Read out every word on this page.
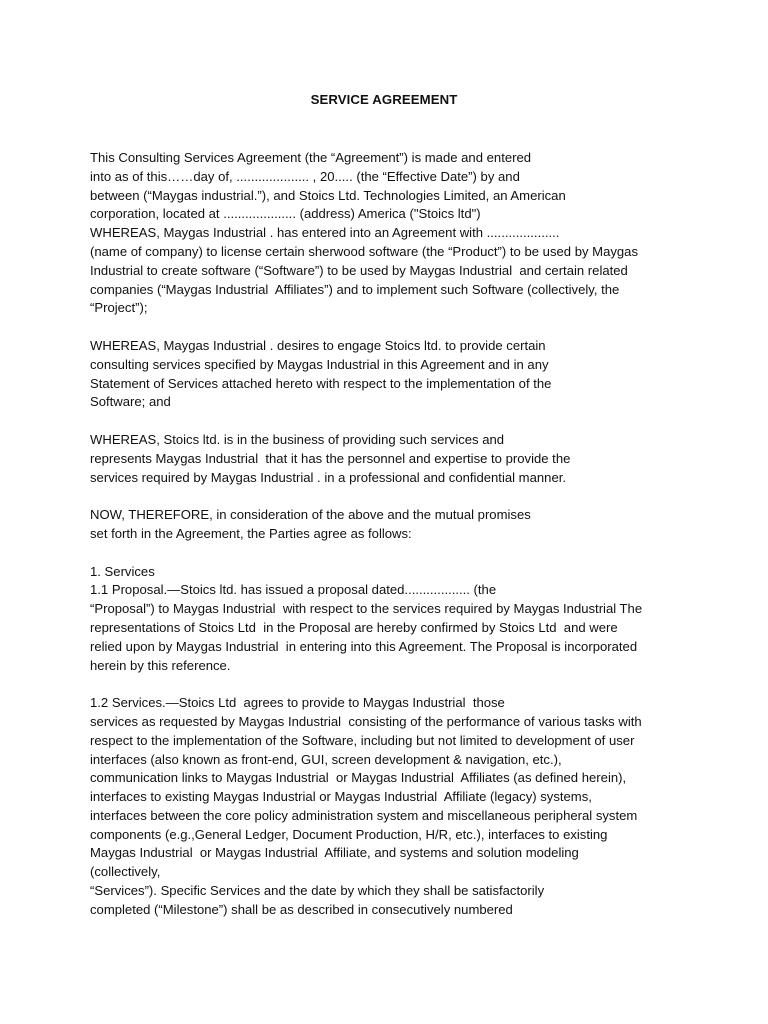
SERVICE AGREEMENT
This Consulting Services Agreement (the “Agreement”) is made and entered
into as of this……day of, .................... , 20..... (the “Effective Date”) by and
between (“Maygas industrial.”), and Stoics Ltd. Technologies Limited, an American
corporation, located at .................... (address) America ("Stoics ltd")
WHEREAS, Maygas Industrial . has entered into an Agreement with ....................
(name of company) to license certain sherwood software (the “Product”) to be used by Maygas
Industrial to create software (“Software”) to be used by Maygas Industrial  and certain related
companies (“Maygas Industrial  Affiliates”) and to implement such Software (collectively, the
“Project”);
WHEREAS, Maygas Industrial . desires to engage Stoics ltd. to provide certain
consulting services specified by Maygas Industrial in this Agreement and in any
Statement of Services attached hereto with respect to the implementation of the
Software; and
WHEREAS, Stoics ltd. is in the business of providing such services and
represents Maygas Industrial  that it has the personnel and expertise to provide the
services required by Maygas Industrial . in a professional and confidential manner.
NOW, THEREFORE, in consideration of the above and the mutual promises
set forth in the Agreement, the Parties agree as follows:
1. Services
1.1 Proposal.—Stoics ltd. has issued a proposal dated.................. (the
“Proposal”) to Maygas Industrial  with respect to the services required by Maygas Industrial The
representations of Stoics Ltd  in the Proposal are hereby confirmed by Stoics Ltd  and were
relied upon by Maygas Industrial  in entering into this Agreement. The Proposal is incorporated
herein by this reference.
1.2 Services.—Stoics Ltd  agrees to provide to Maygas Industrial  those
services as requested by Maygas Industrial  consisting of the performance of various tasks with
respect to the implementation of the Software, including but not limited to development of user
interfaces (also known as front-end, GUI, screen development & navigation, etc.),
communication links to Maygas Industrial  or Maygas Industrial  Affiliates (as defined herein),
interfaces to existing Maygas Industrial or Maygas Industrial  Affiliate (legacy) systems,
interfaces between the core policy administration system and miscellaneous peripheral system
components (e.g.,General Ledger, Document Production, H/R, etc.), interfaces to existing
Maygas Industrial  or Maygas Industrial  Affiliate, and systems and solution modeling
(collectively,
“Services”). Specific Services and the date by which they shall be satisfactorily
completed (“Milestone”) shall be as described in consecutively numbered
